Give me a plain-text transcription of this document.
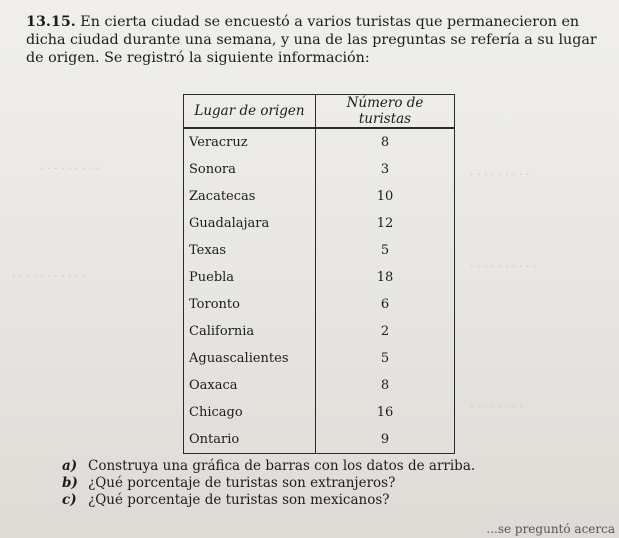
· · · · · · · · ·
· · · · · · · · · · ·
· · · · · · · · ·
· · · · · · · · · ·
· · · · · · · ·
13.15. En cierta ciudad se encuestó a varios turistas que permanecieron en dicha ciudad durante una semana, y una de las preguntas se refería a su lugar de origen. Se registró la siguiente información:
Lugar de origen	Número de turistas
Veracruz	8
Sonora	3
Zacatecas	10
Guadalajara	12
Texas	5
Puebla	18
Toronto	6
California	2
Aguascalientes	5
Oaxaca	8
Chicago	16
Ontario	9
a) Construya una gráfica de barras con los datos de arriba.
b) ¿Qué porcentaje de turistas son extranjeros?
c) ¿Qué porcentaje de turistas son mexicanos?
...se preguntó acerca
